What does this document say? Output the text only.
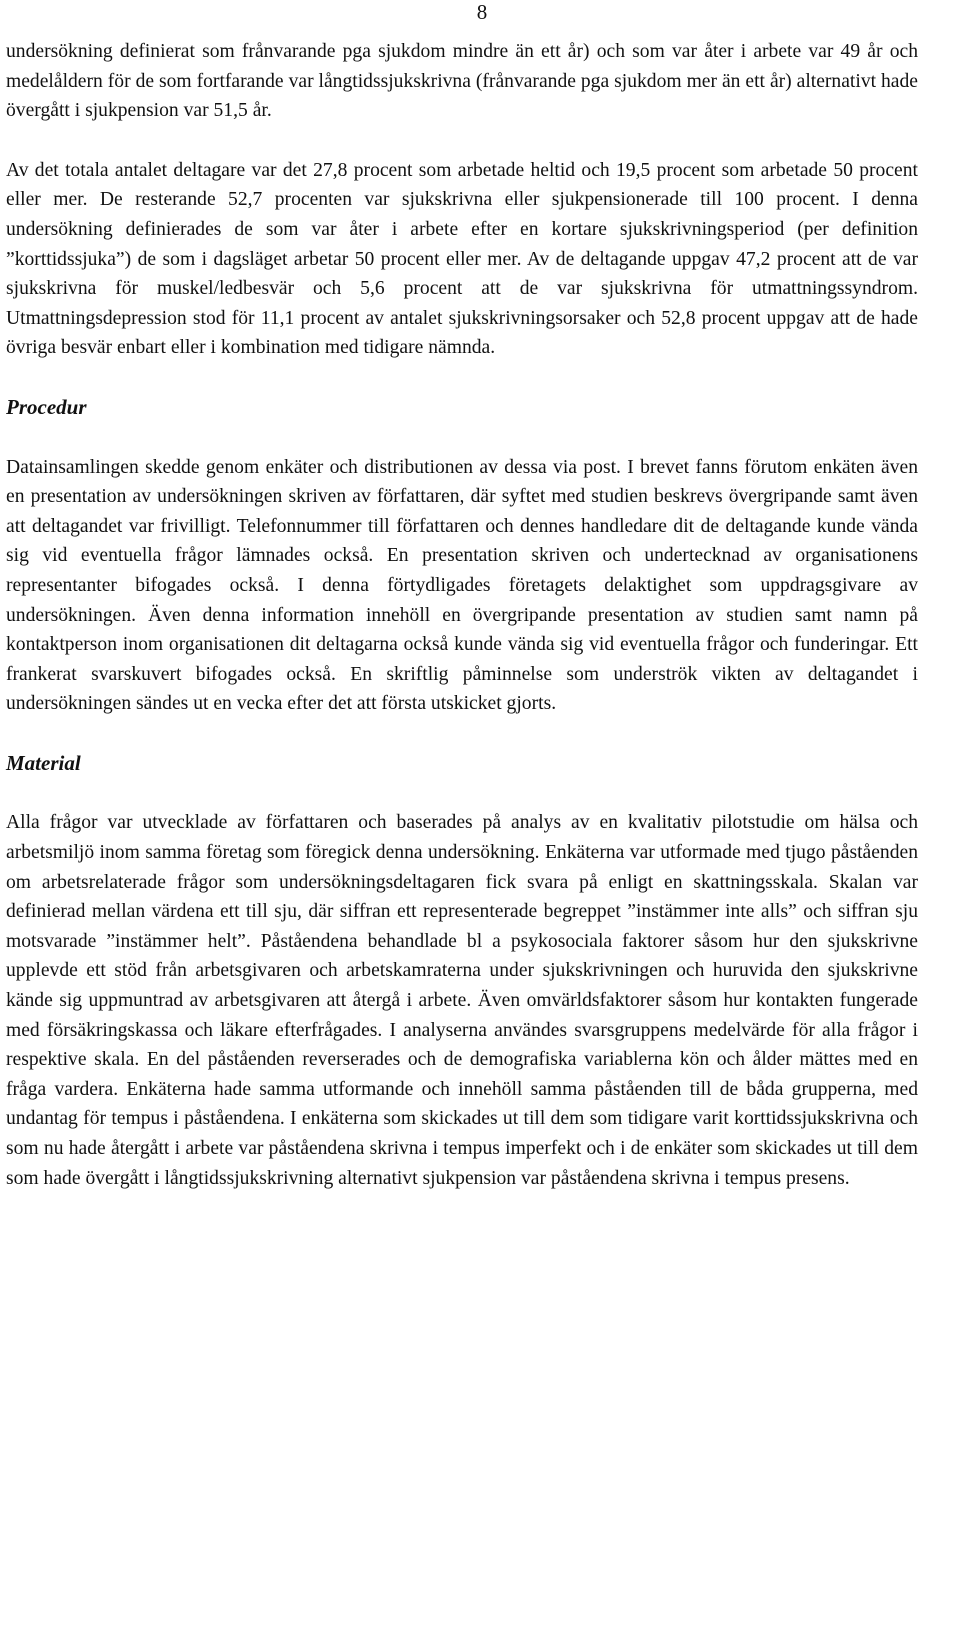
8

undersökning definierat som frånvarande pga sjukdom mindre än ett år) och som var åter i arbete var 49 år och medelåldern för de som fortfarande var långtidssjukskrivna (frånvarande pga sjukdom mer än ett år) alternativt hade övergått i sjukpension var 51,5 år.

Av det totala antalet deltagare var det 27,8 procent som arbetade heltid och 19,5 procent som arbetade 50 procent eller mer. De resterande 52,7 procenten var sjukskrivna eller sjukpensionerade till 100 procent. I denna undersökning definierades de som var åter i arbete efter en kortare sjukskrivningsperiod (per definition ”korttidssjuka”) de som i dagsläget arbetar 50 procent eller mer. Av de deltagande uppgav 47,2 procent att de var sjukskrivna för muskel/ledbesvär och 5,6 procent att de var sjukskrivna för utmattningssyndrom. Utmattningsdepression stod för 11,1 procent av antalet sjukskrivningsorsaker och 52,8 procent uppgav att de hade övriga besvär enbart eller i kombination med tidigare nämnda.

Procedur

Datainsamlingen skedde genom enkäter och distributionen av dessa via post. I brevet fanns förutom enkäten även en presentation av undersökningen skriven av författaren, där syftet med studien beskrevs övergripande samt även att deltagandet var frivilligt. Telefonnummer till författaren och dennes handledare dit de deltagande kunde vända sig vid eventuella frågor lämnades också. En presentation skriven och undertecknad av organisationens representanter bifogades också. I denna förtydligades företagets delaktighet som uppdragsgivare av undersökningen. Även denna information innehöll en övergripande presentation av studien samt namn på kontaktperson inom organisationen dit deltagarna också kunde vända sig vid eventuella frågor och funderingar. Ett frankerat svarskuvert bifogades också. En skriftlig påminnelse som underströk vikten av deltagandet i undersökningen sändes ut en vecka efter det att första utskicket gjorts.

Material

Alla frågor var utvecklade av författaren och baserades på analys av en kvalitativ pilotstudie om hälsa och arbetsmiljö inom samma företag som föregick denna undersökning. Enkäterna var utformade med tjugo påståenden om arbetsrelaterade frågor som undersökningsdeltagaren fick svara på enligt en skattningsskala. Skalan var definierad mellan värdena ett till sju, där siffran ett representerade begreppet ”instämmer inte alls” och siffran sju motsvarade ”instämmer helt”. Påståendena behandlade bl a psykosociala faktorer såsom hur den sjukskrivne upplevde ett stöd från arbetsgivaren och arbetskamraterna under sjukskrivningen och huruvida den sjukskrivne kände sig uppmuntrad av arbetsgivaren att återgå i arbete. Även omvärldsfaktorer såsom hur kontakten fungerade med försäkringskassa och läkare efterfrågades. I analyserna användes svarsgruppens medelvärde för alla frågor i respektive skala. En del påståenden reverserades och de demografiska variablerna kön och ålder mättes med en fråga vardera. Enkäterna hade samma utformande och innehöll samma påståenden till de båda grupperna, med undantag för tempus i påståendena. I enkäterna som skickades ut till dem som tidigare varit korttidssjukskrivna och som nu hade återgått i arbete var påståendena skrivna i tempus imperfekt och i de enkäter som skickades ut till dem som hade övergått i långtidssjukskrivning alternativt sjukpension var påståendena skrivna i tempus presens.
